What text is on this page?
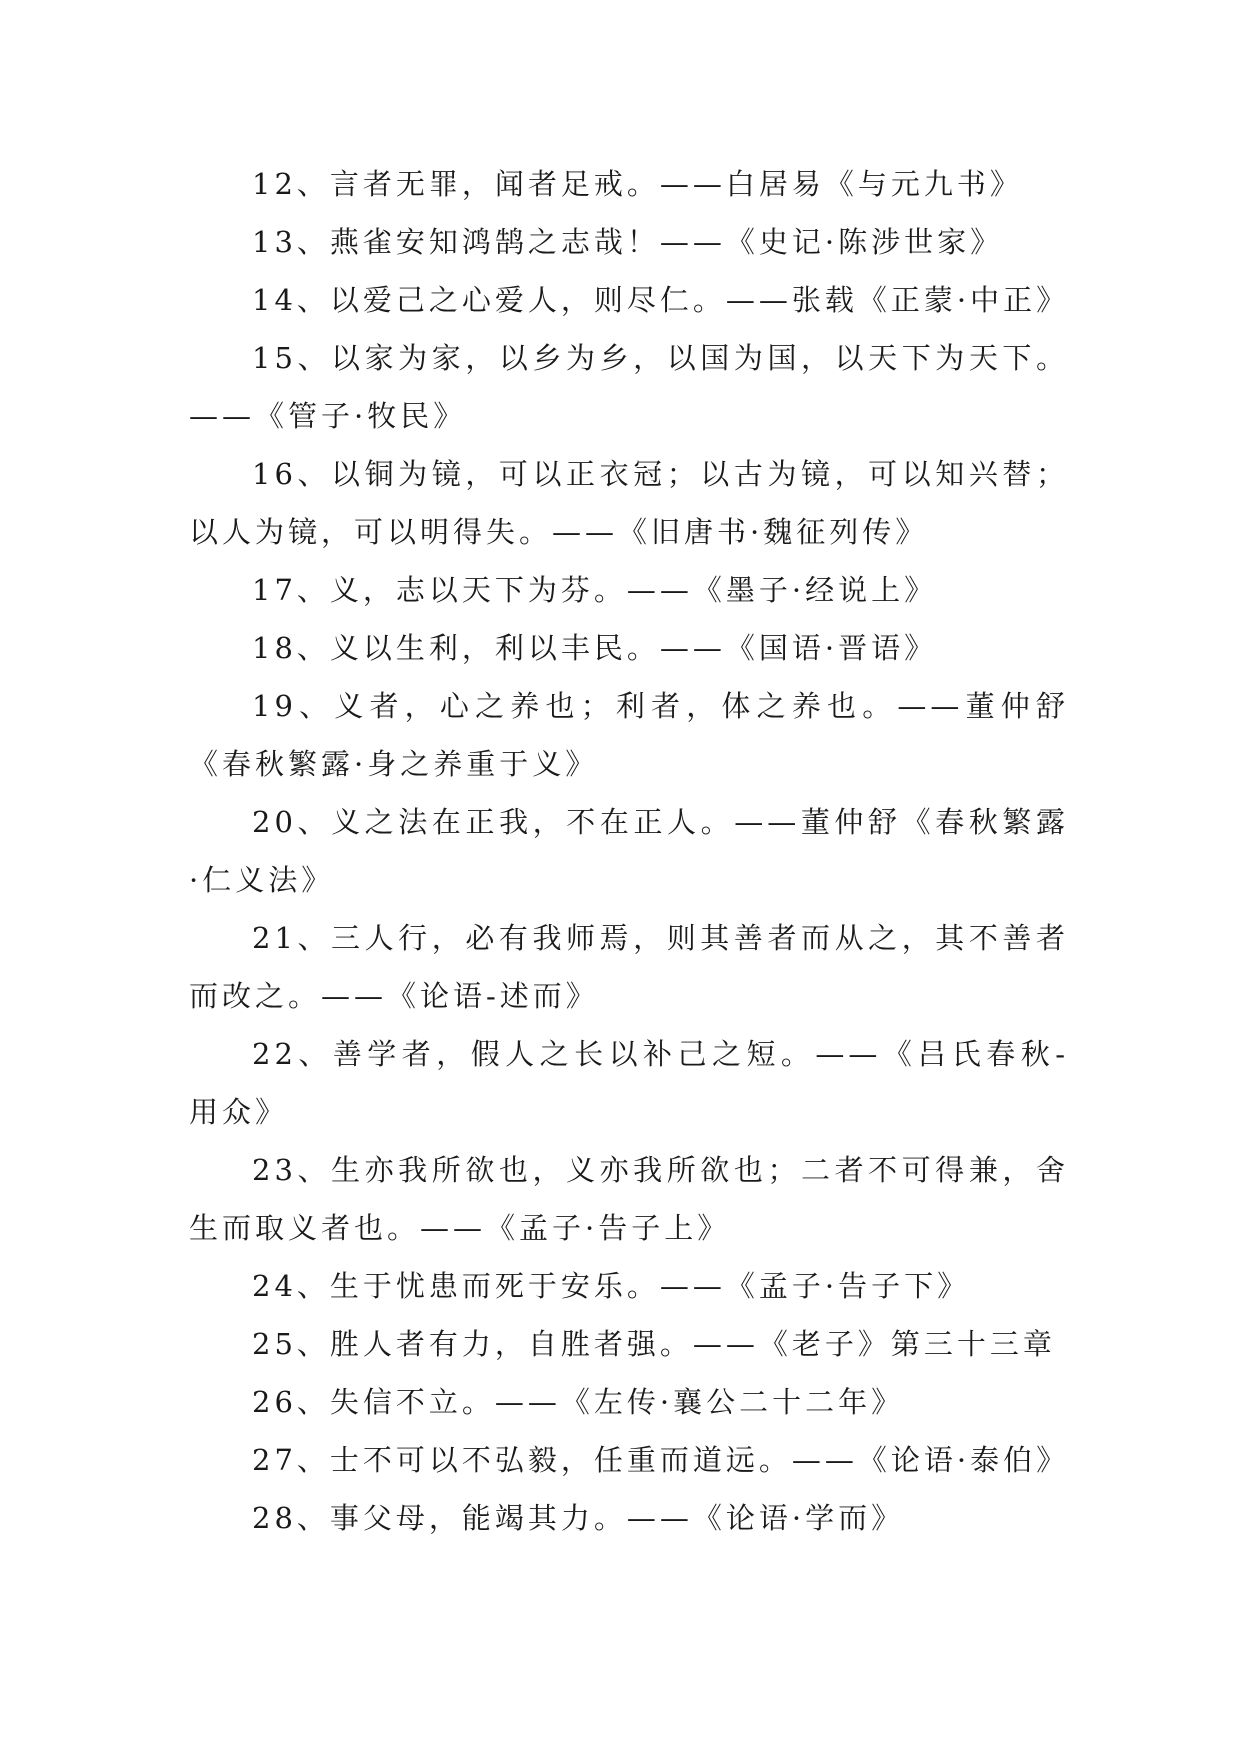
12、言者无罪，闻者足戒。——白居易《与元九书》

13、燕雀安知鸿鹄之志哉！——《史记·陈涉世家》

14、以爱己之心爱人，则尽仁。——张载《正蒙·中正》

15、以家为家，以乡为乡，以国为国，以天下为天下。——《管子·牧民》

16、以铜为镜，可以正衣冠；以古为镜，可以知兴替；以人为镜，可以明得失。——《旧唐书·魏征列传》

17、义，志以天下为芬。——《墨子·经说上》

18、义以生利，利以丰民。——《国语·晋语》

19、义者，心之养也；利者，体之养也。——董仲舒《春秋繁露·身之养重于义》

20、义之法在正我，不在正人。——董仲舒《春秋繁露·仁义法》

21、三人行，必有我师焉，则其善者而从之，其不善者而改之。——《论语-述而》

22、善学者，假人之长以补己之短。——《吕氏春秋-用众》

23、生亦我所欲也，义亦我所欲也；二者不可得兼，舍生而取义者也。——《孟子·告子上》

24、生于忧患而死于安乐。——《孟子·告子下》

25、胜人者有力，自胜者强。——《老子》第三十三章

26、失信不立。——《左传·襄公二十二年》

27、士不可以不弘毅，任重而道远。——《论语·泰伯》

28、事父母，能竭其力。——《论语·学而》
